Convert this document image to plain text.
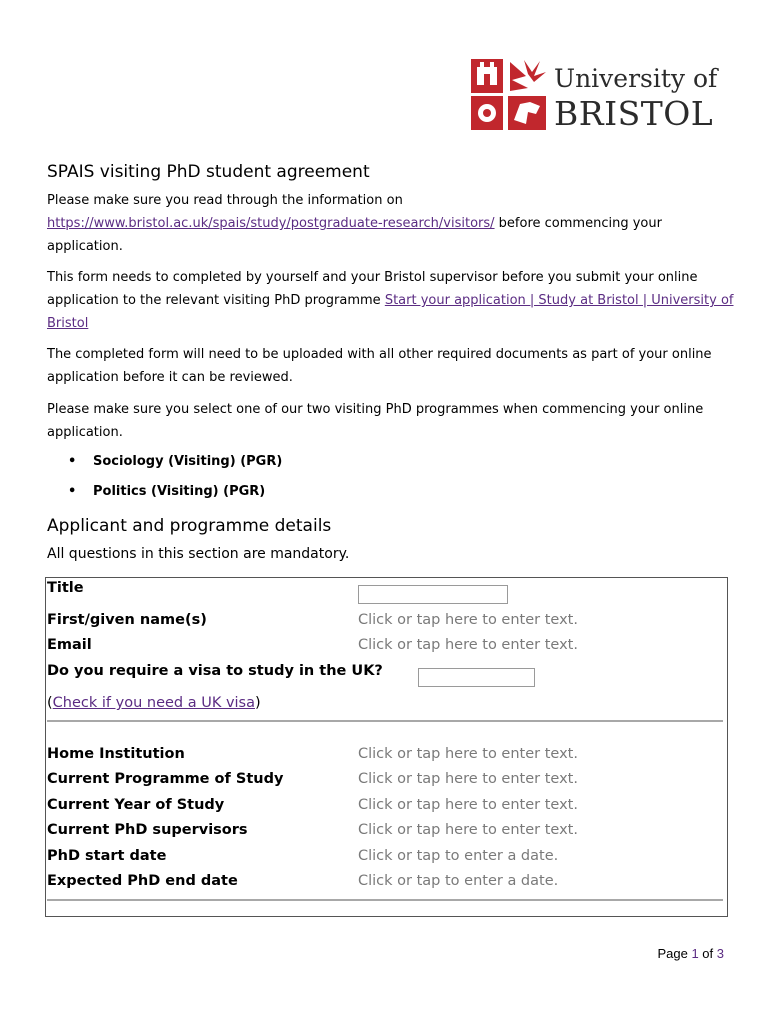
University of
BRISTOL
SPAIS visiting PhD student agreement
Please make sure you read through the information on
https://www.bristol.ac.uk/spais/study/postgraduate-research/visitors/ before commencing your application.
This form needs to completed by yourself and your Bristol supervisor before you submit your online application to the relevant visiting PhD programme Start your application | Study at Bristol | University of Bristol
The completed form will need to be uploaded with all other required documents as part of your online application before it can be reviewed.
Please make sure you select one of our two visiting PhD programmes when commencing your online application.
• Sociology (Visiting) (PGR)
• Politics (Visiting) (PGR)
Applicant and programme details
All questions in this section are mandatory.
Title
First/given name(s)	Click or tap here to enter text.
Email	Click or tap here to enter text.
Do you require a visa to study in the UK?
(Check if you need a UK visa)
Home Institution	Click or tap here to enter text.
Current Programme of Study	Click or tap here to enter text.
Current Year of Study	Click or tap here to enter text.
Current PhD supervisors	Click or tap here to enter text.
PhD start date	Click or tap to enter a date.
Expected PhD end date	Click or tap to enter a date.
Page 1 of 3
